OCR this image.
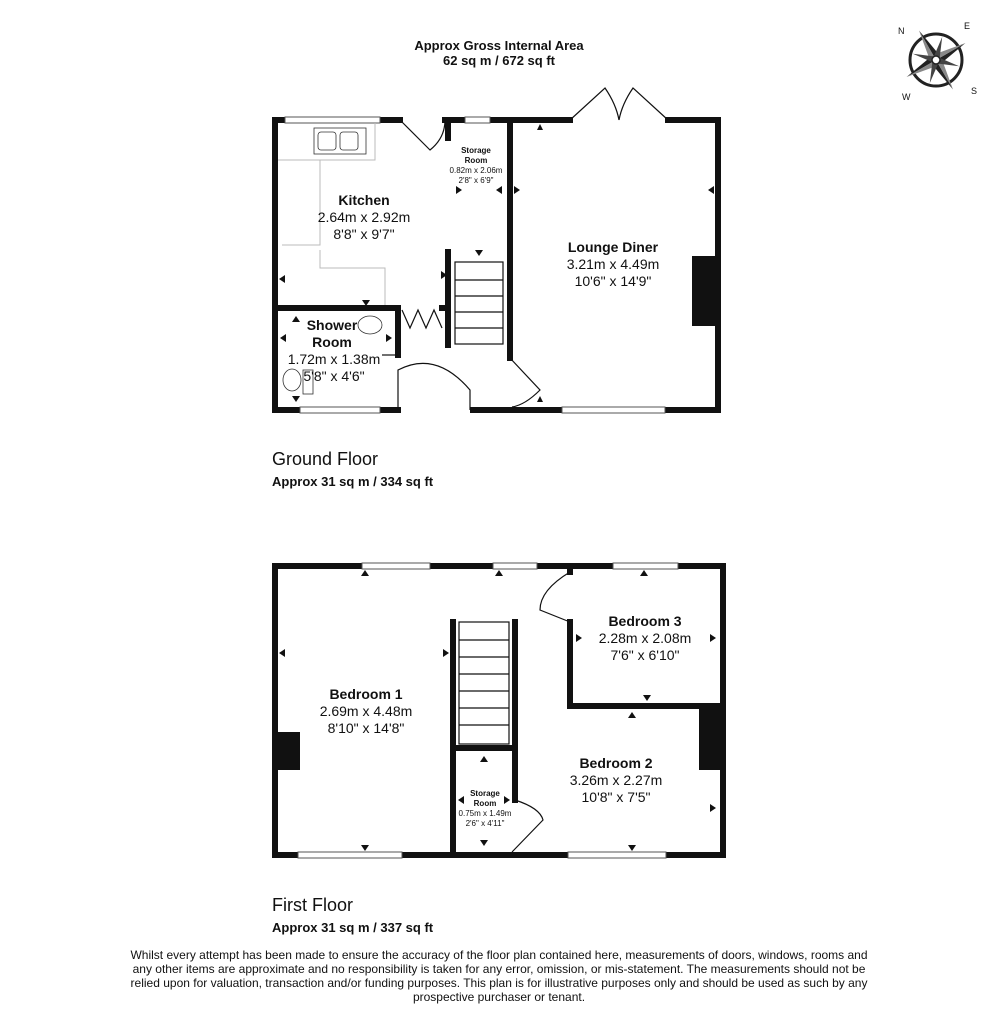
Approx Gross Internal Area
62 sq m / 672 sq ft
N	E
S
W
Kitchen
2.64m x 2.92m
8'8" x 9'7"
Storage
Room
0.82m x 2.06m
2'8" x 6'9"
Lounge Diner
3.21m x 4.49m
10'6" x 14'9"
Shower
Room
1.72m x 1.38m
5'8" x 4'6"
Ground Floor
Approx 31 sq m / 334 sq ft
Bedroom 1
2.69m x 4.48m
8'10" x 14'8"
Bedroom 3
2.28m x 2.08m
7'6" x 6'10"
Bedroom 2
3.26m x 2.27m
10'8" x 7'5"
Storage
Room
0.75m x 1.49m
2'6" x 4'11"
First Floor
Approx 31 sq m / 337 sq ft
Whilst every attempt has been made to ensure the accuracy of the floor plan contained here, measurements of doors, windows, rooms and any other items are approximate and no responsibility is taken for any error, omission, or mis-statement. The measurements should not be relied upon for valuation, transaction and/or funding purposes. This plan is for illustrative purposes only and should be used as such by any prospective purchaser or tenant.
